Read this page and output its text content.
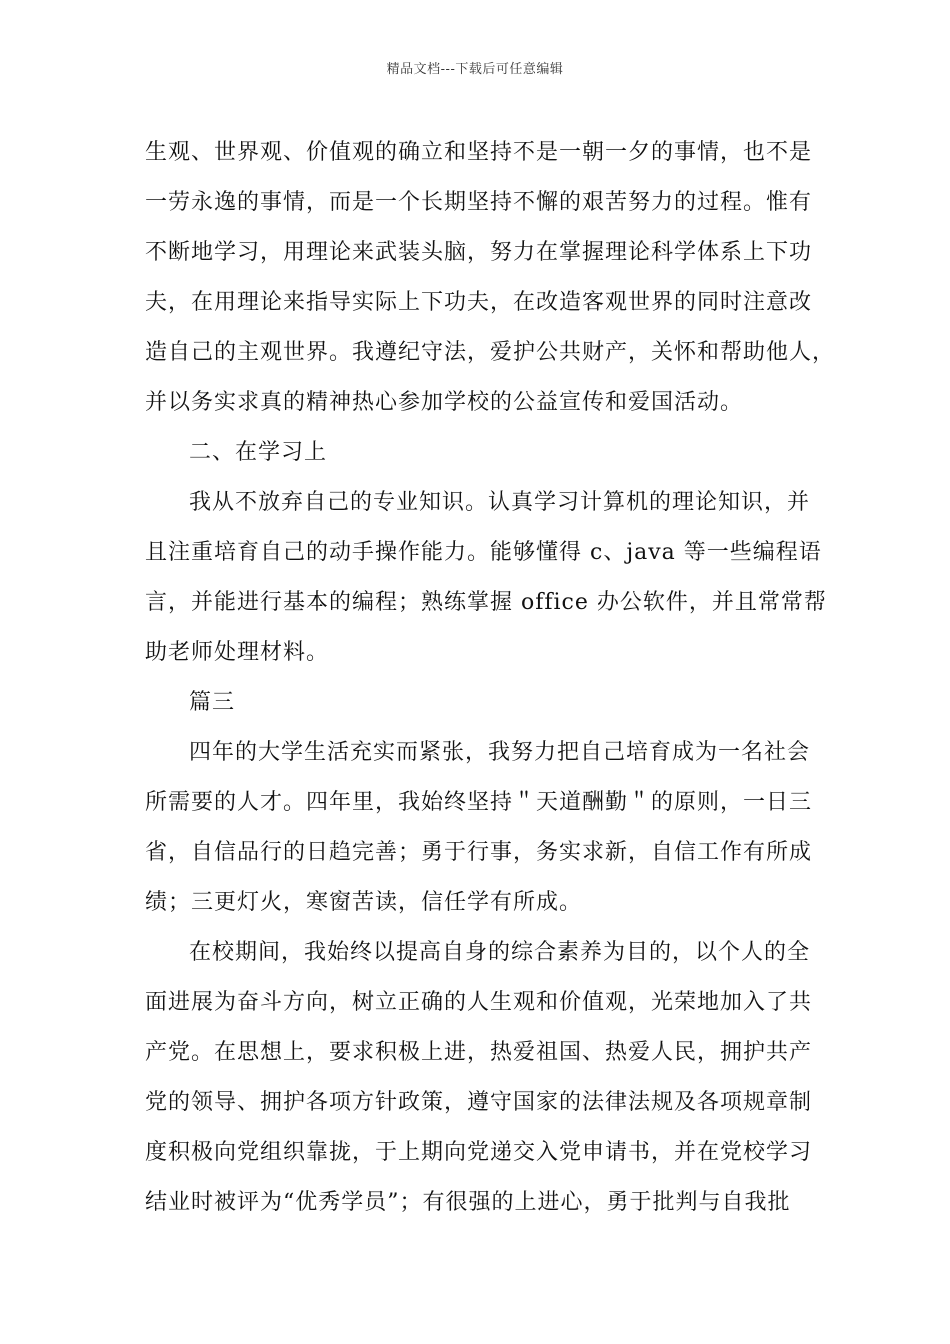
精品文档---下载后可任意编辑
生观、世界观、价值观的确立和坚持不是一朝一夕的事情，也不是
一劳永逸的事情，而是一个长期坚持不懈的艰苦努力的过程。惟有
不断地学习，用理论来武装头脑，努力在掌握理论科学体系上下功
夫，在用理论来指导实际上下功夫，在改造客观世界的同时注意改
造自己的主观世界。我遵纪守法，爱护公共财产，关怀和帮助他人，
并以务实求真的精神热心参加学校的公益宣传和爱国活动。
二、在学习上
我从不放弃自己的专业知识。认真学习计算机的理论知识，并
且注重培育自己的动手操作能力。能够懂得 c、java 等一些编程语
言，并能进行基本的编程；熟练掌握 office 办公软件，并且常常帮
助老师处理材料。
篇三
四年的大学生活充实而紧张，我努力把自己培育成为一名社会
所需要的人才。四年里，我始终坚持＂天道酬勤＂的原则，一日三
省，自信品行的日趋完善；勇于行事，务实求新，自信工作有所成
绩；三更灯火，寒窗苦读，信任学有所成。
在校期间，我始终以提高自身的综合素养为目的，以个人的全
面进展为奋斗方向，树立正确的人生观和价值观，光荣地加入了共
产党。在思想上，要求积极上进，热爱祖国、热爱人民，拥护共产
党的领导、拥护各项方针政策，遵守国家的法律法规及各项规章制
度积极向党组织靠拢，于上期向党递交入党申请书，并在党校学习
结业时被评为“优秀学员”；有很强的上进心，勇于批判与自我批
